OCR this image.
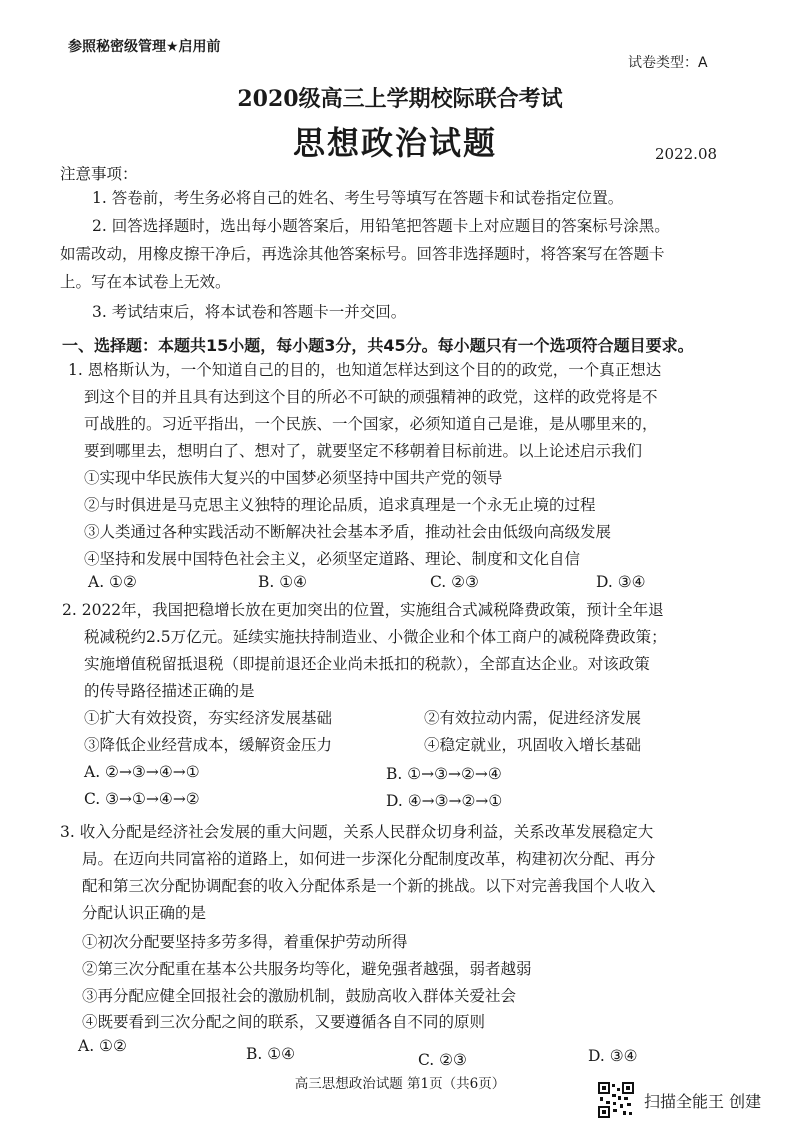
参照秘密级管理★启用前
试卷类型：A
2020级高三上学期校际联合考试
思想政治试题	2022.08
注意事项：
1. 答卷前，考生务必将自己的姓名、考生号等填写在答题卡和试卷指定位置。
2. 回答选择题时，选出每小题答案后，用铅笔把答题卡上对应题目的答案标号涂黑。
如需改动，用橡皮擦干净后，再选涂其他答案标号。回答非选择题时，将答案写在答题卡
上。写在本试卷上无效。
3. 考试结束后，将本试卷和答题卡一并交回。
一、选择题：本题共15小题，每小题3分，共45分。每小题只有一个选项符合题目要求。
1. 恩格斯认为，一个知道自己的目的，也知道怎样达到这个目的的政党，一个真正想达
到这个目的并且具有达到这个目的所必不可缺的顽强精神的政党，这样的政党将是不
可战胜的。习近平指出，一个民族、一个国家，必须知道自己是谁，是从哪里来的，
要到哪里去，想明白了、想对了，就要坚定不移朝着目标前进。以上论述启示我们
①实现中华民族伟大复兴的中国梦必须坚持中国共产党的领导
②与时俱进是马克思主义独特的理论品质，追求真理是一个永无止境的过程
③人类通过各种实践活动不断解决社会基本矛盾，推动社会由低级向高级发展
④坚持和发展中国特色社会主义，必须坚定道路、理论、制度和文化自信
A. ①②	B. ①④	C. ②③	D. ③④
2. 2022年，我国把稳增长放在更加突出的位置，实施组合式减税降费政策，预计全年退
税减税约2.5万亿元。延续实施扶持制造业、小微企业和个体工商户的减税降费政策；
实施增值税留抵退税（即提前退还企业尚未抵扣的税款），全部直达企业。对该政策
的传导路径描述正确的是
①扩大有效投资，夯实经济发展基础	②有效拉动内需，促进经济发展
③降低企业经营成本，缓解资金压力	④稳定就业，巩固收入增长基础
A. ②→③→④→①	B. ①→③→②→④
C. ③→①→④→②	D. ④→③→②→①
3. 收入分配是经济社会发展的重大问题，关系人民群众切身利益，关系改革发展稳定大
局。在迈向共同富裕的道路上，如何进一步深化分配制度改革，构建初次分配、再分
配和第三次分配协调配套的收入分配体系是一个新的挑战。以下对完善我国个人收入
分配认识正确的是
①初次分配要坚持多劳多得，着重保护劳动所得
②第三次分配重在基本公共服务均等化，避免强者越强，弱者越弱
③再分配应健全回报社会的激励机制，鼓励高收入群体关爱社会
④既要看到三次分配之间的联系，又要遵循各自不同的原则
A. ①②	B. ①④	C. ②③	D. ③④
高三思想政治试题 第1页（共6页）
扫描全能王 创建
